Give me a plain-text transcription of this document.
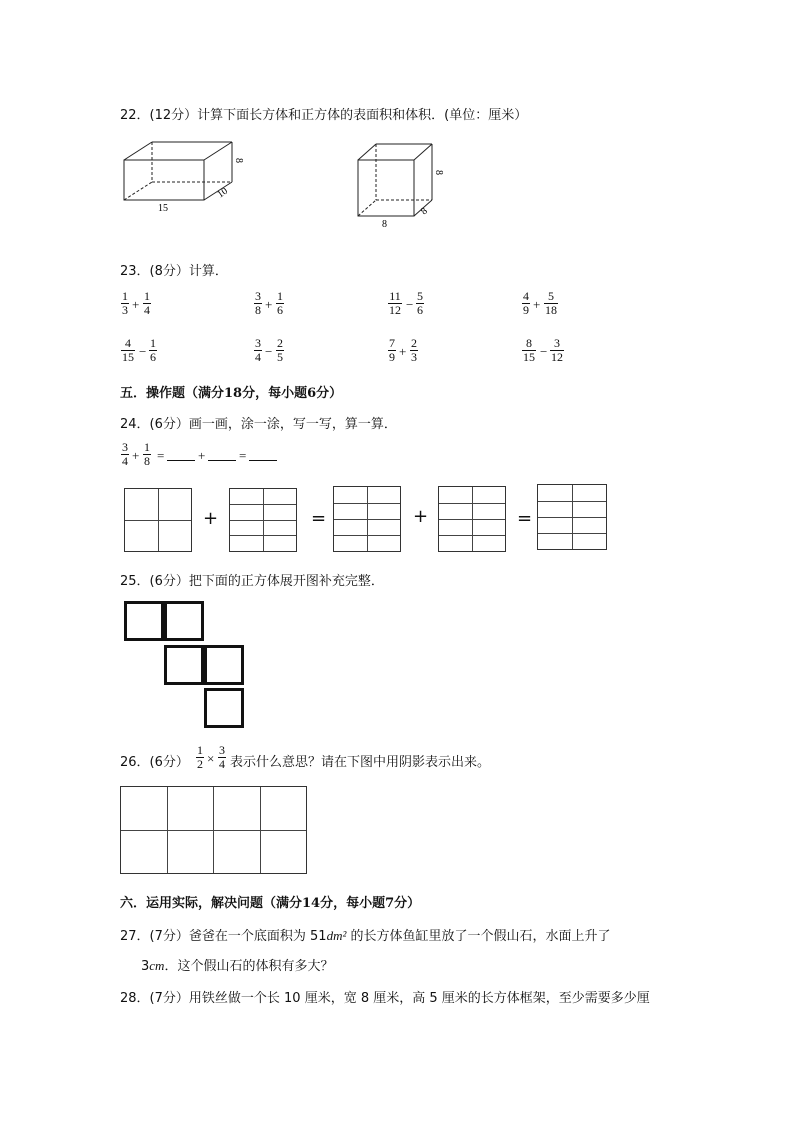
22．(12分）计算下面长方体和正方体的表面积和体积．(单位：厘米）
15
10
8
8
8
8
23．(8分）计算．
$\frac{1}{3} + \frac{1}{4}$	$\frac{3}{8} + \frac{1}{6}$	$\frac{11}{12} - \frac{5}{6}$	$\frac{4}{9} + \frac{5}{18}$
$\frac{4}{15} - \frac{1}{6}$	$\frac{3}{4} - \frac{2}{5}$	$\frac{7}{9} + \frac{2}{3}$	$\frac{8}{15} - \frac{3}{12}$
五．操作题（满分18分，每小题6分）
24．(6分）画一画，涂一涂，写一写，算一算．
$\frac{3}{4} + \frac{1}{8}$ =	+	=
+	=	+	=
25．(6分）把下面的正方体展开图补充完整．
26．(6分） $\frac{1}{2} \times \frac{3}{4}$ 表示什么意思？请在下图中用阴影表示出来。
六．运用实际，解决问题（满分14分，每小题7分）
27．(7分）爸爸在一个底面积为 51dm² 的长方体鱼缸里放了一个假山石，水面上升了
3cm．这个假山石的体积有多大？
28．(7分）用铁丝做一个长 10 厘米，宽 8 厘米，高 5 厘米的长方体框架，至少需要多少厘
